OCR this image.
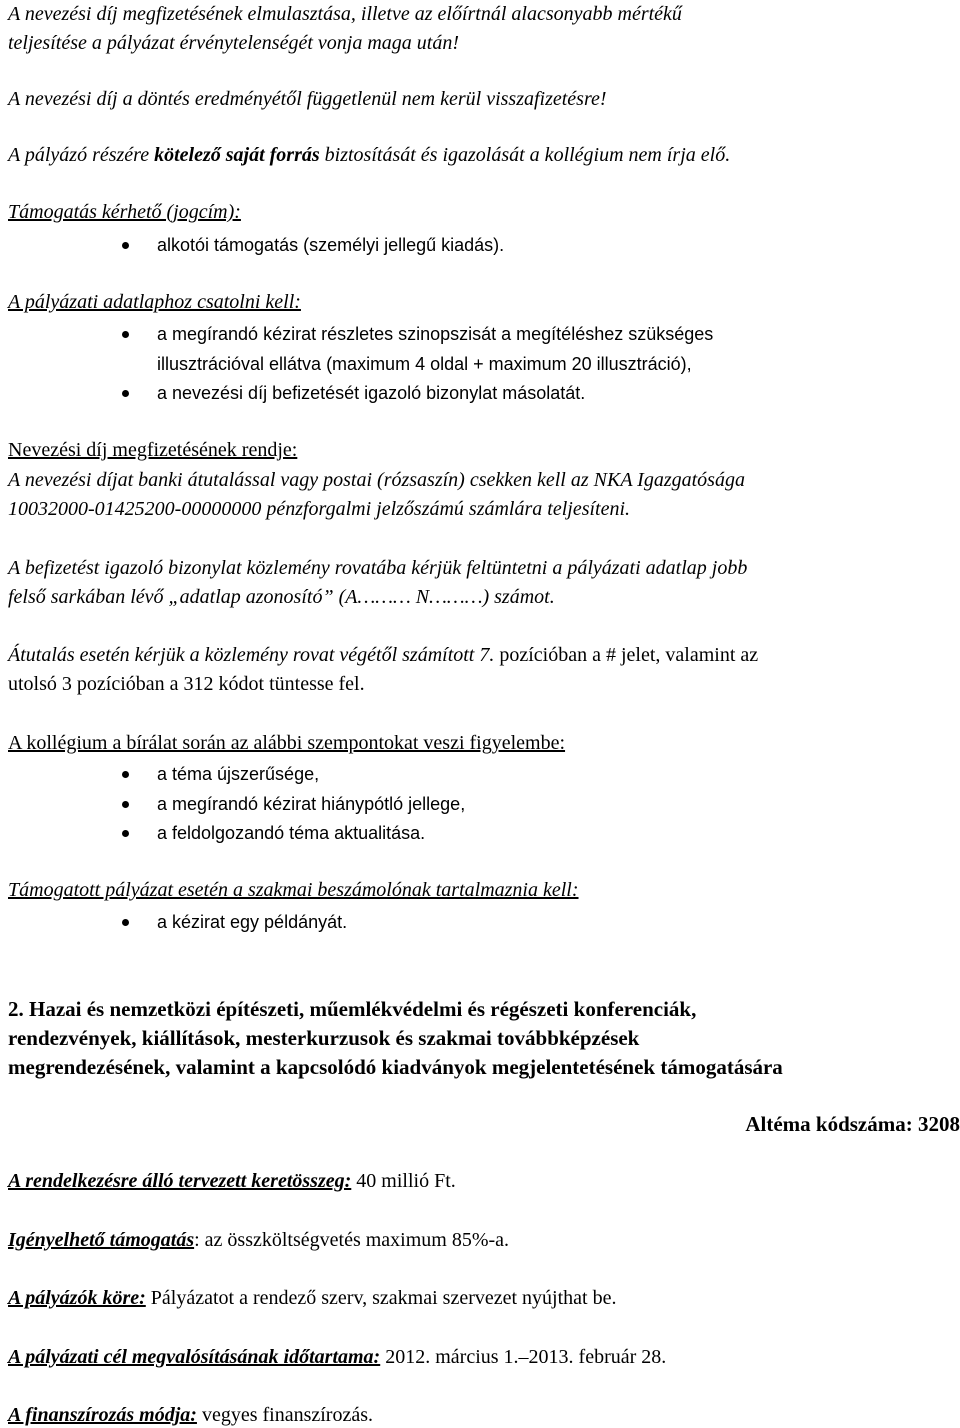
A nevezési díj megfizetésének elmulasztása, illetve az előírtnál alacsonyabb mértékű
teljesítése a pályázat érvénytelenségét vonja maga után!
A nevezési díj a döntés eredményétől függetlenül nem kerül visszafizetésre!
A pályázó részére kötelező saját forrás biztosítását és igazolását a kollégium nem írja elő.
Támogatás kérhető (jogcím):
alkotói támogatás (személyi jellegű kiadás).
A pályázati adatlaphoz csatolni kell:
a megírandó kézirat részletes szinopszisát a megítéléshez szükséges
illusztrációval ellátva (maximum 4 oldal + maximum 20 illusztráció),
a nevezési díj befizetését igazoló bizonylat másolatát.
Nevezési díj megfizetésének rendje:
A nevezési díjat banki átutalással vagy postai (rózsaszín) csekken kell az NKA Igazgatósága
10032000-01425200-00000000 pénzforgalmi jelzőszámú számlára teljesíteni.
A befizetést igazoló bizonylat közlemény rovatába kérjük feltüntetni a pályázati adatlap jobb
felső sarkában lévő „adatlap azonosító” (A……… N………) számot.
Átutalás esetén kérjük a közlemény rovat végétől számított 7. pozícióban a # jelet, valamint az
utolsó 3 pozícióban a 312 kódot tüntesse fel.
A kollégium a bírálat során az alábbi szempontokat veszi figyelembe:
a téma újszerűsége,
a megírandó kézirat hiánypótló jellege,
a feldolgozandó téma aktualitása.
Támogatott pályázat esetén a szakmai beszámolónak tartalmaznia kell:
a kézirat egy példányát.
2. Hazai és nemzetközi építészeti, műemlékvédelmi és régészeti konferenciák,
rendezvények, kiállítások, mesterkurzusok és szakmai továbbképzések
megrendezésének, valamint a kapcsolódó kiadványok megjelentetésének támogatására
Altéma kódszáma: 3208
A rendelkezésre álló tervezett keretösszeg: 40 millió Ft.
Igényelhető támogatás: az összköltségvetés maximum 85%-a.
A pályázók köre: Pályázatot a rendező szerv, szakmai szervezet nyújthat be.
A pályázati cél megvalósításának időtartama: 2012. március 1.–2013. február 28.
A finanszírozás módja: vegyes finanszírozás.
